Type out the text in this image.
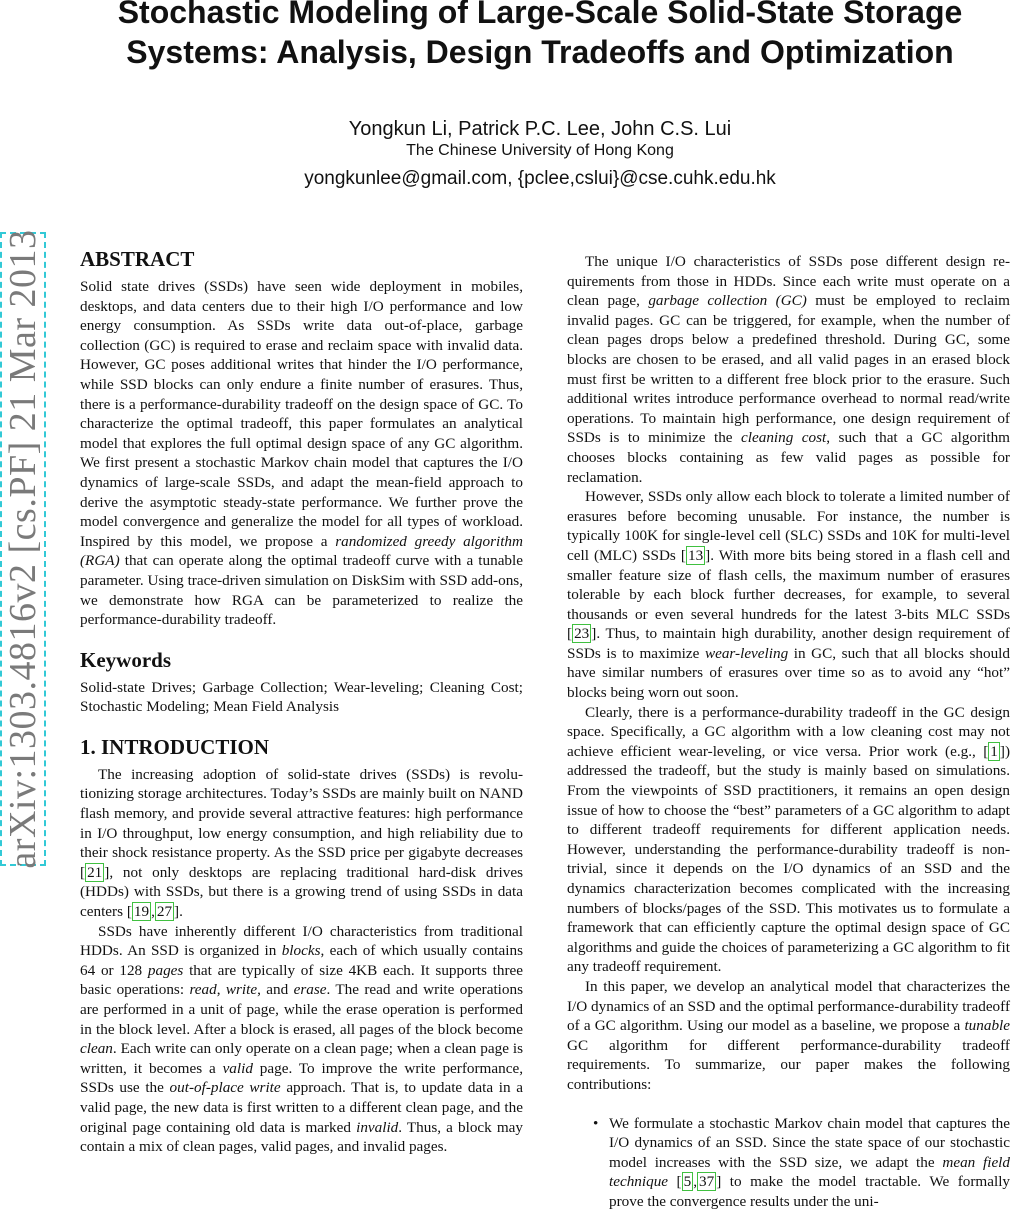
Stochastic Modeling of Large-Scale Solid-State Storage
Systems: Analysis, Design Tradeoffs and Optimization
Yongkun Li, Patrick P.C. Lee, John C.S. Lui
The Chinese University of Hong Kong
yongkunlee@gmail.com, {pclee,cslui}@cse.cuhk.edu.hk
arXiv:1303.4816v2 [cs.PF] 21 Mar 2013 ABSTRACT

Solid state drives (SSDs) have seen wide deployment in mobiles, desktops, and data centers due to their high I/O performance and low energy consumption. As SSDs write data out-of-place, garbage collection (GC) is required to erase and reclaim space with invalid data. However, GC poses additional writes that hinder the I/O performance, while SSD blocks can only endure a finite number of erasures. Thus, there is a performance-durability tradeoff on the design space of GC. To characterize the optimal tradeoff, this paper formulates an analytical model that explores the full optimal design space of any GC algorithm. We first present a stochastic Markov chain model that captures the I/O dynamics of large-scale SSDs, and adapt the mean-field approach to derive the asymptotic steady-state performance. We further prove the model convergence and generalize the model for all types of workload. Inspired by this model, we propose a randomized greedy algorithm (RGA) that can operate along the optimal tradeoff curve with a tunable parameter. Using trace-driven simulation on DiskSim with SSD add-ons, we demonstrate how RGA can be parameterized to realize the performance-durability tradeoff.

Keywords

Solid-state Drives; Garbage Collection; Wear-leveling; Cleaning Cost; Stochastic Modeling; Mean Field Analysis

1. INTRODUCTION

The increasing adoption of solid-state drives (SSDs) is revolutionizing storage architectures. Today’s SSDs are mainly built on NAND flash memory, and provide several attractive features: high performance in I/O throughput, low energy consumption, and high reliability due to their shock resistance property. As the SSD price per gigabyte decreases [ 21 ], not only desktops are replacing traditional hard-disk drives (HDDs) with SSDs, but there is a growing trend of using SSDs in data centers [ 19 , 27 ].

SSDs have inherently different I/O characteristics from traditional HDDs. An SSD is organized in blocks, each of which usually contains 64 or 128 pages that are typically of size 4KB each. It supports three basic operations: read, write, and erase. The read and write operations are performed in a unit of page, while the erase operation is performed in the block level. After a block is erased, all pages of the block become clean. Each write can only operate on a clean page; when a clean page is written, it becomes a valid page. To improve the write performance, SSDs use the out-of-place write approach. That is, to update data in a valid page, the new data is first written to a different clean page, and the original page containing old data is marked invalid. Thus, a block may contain a mix of clean pages, valid pages, and invalid pages.

The unique I/O characteristics of SSDs pose different design requirements from those in HDDs. Since each write must operate on a clean page, garbage collection (GC) must be employed to reclaim invalid pages. GC can be triggered, for example, when the number of clean pages drops below a predefined threshold. During GC, some blocks are chosen to be erased, and all valid pages in an erased block must first be written to a different free block prior to the erasure. Such additional writes introduce performance overhead to normal read/write operations. To maintain high performance, one design requirement of SSDs is to minimize the cleaning cost, such that a GC algorithm chooses blocks containing as few valid pages as possible for reclamation.

However, SSDs only allow each block to tolerate a limited number of erasures before becoming unusable. For instance, the number is typically 100K for single-level cell (SLC) SSDs and 10K for multi-level cell (MLC) SSDs [ 13 ]. With more bits being stored in a flash cell and smaller feature size of flash cells, the maximum number of erasures tolerable by each block further decreases, for example, to several thousands or even several hundreds for the latest 3-bits MLC SSDs [ 23 ]. Thus, to maintain high durability, another design requirement of SSDs is to maximize wear-leveling in GC, such that all blocks should have similar numbers of erasures over time so as to avoid any “hot” blocks being worn out soon.

Clearly, there is a performance-durability tradeoff in the GC design space. Specifically, a GC algorithm with a low cleaning cost may not achieve efficient wear-leveling, or vice versa. Prior work (e.g., [ 1 ]) addressed the tradeoff, but the study is mainly based on simulations. From the viewpoints of SSD practitioners, it remains an open design issue of how to choose the “best” parameters of a GC algorithm to adapt to different tradeoff requirements for different application needs. However, understanding the performance-durability tradeoff is non-trivial, since it depends on the I/O dynamics of an SSD and the dynamics characterization becomes complicated with the increasing numbers of blocks/pages of the SSD. This motivates us to formulate a framework that can efficiently capture the optimal design space of GC algorithms and guide the choices of parameterizing a GC algorithm to fit any tradeoff requirement.

In this paper, we develop an analytical model that characterizes the I/O dynamics of an SSD and the optimal performance-durability tradeoff of a GC algorithm. Using our model as a baseline, we propose a tunable GC algorithm for different performance-durability tradeoff requirements. To summarize, our paper makes the following contributions:

• We formulate a stochastic Markov chain model that captures the I/O dynamics of an SSD. Since the state space of our stochastic model increases with the SSD size, we adapt the mean field technique [ 5 , 37 ] to make the model tractable. We formally prove the convergence results under the uni-
